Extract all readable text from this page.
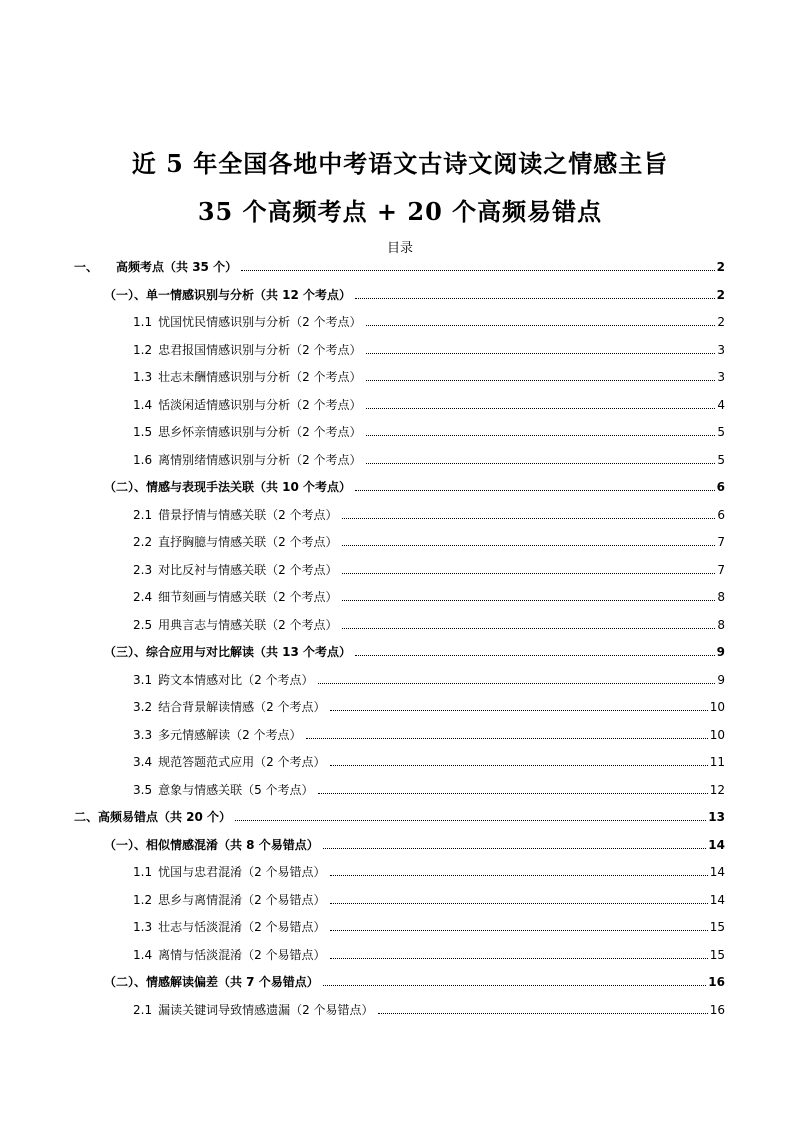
近 5 年全国各地中考语文古诗文阅读之情感主旨
35 个高频考点 + 20 个高频易错点
目录
一、 高频考点（共 35 个）	2
（一）、单一情感识别与分析（共 12 个考点）	2
1.1 忧国忧民情感识别与分析（2 个考点）	2
1.2 忠君报国情感识别与分析（2 个考点）	3
1.3 壮志未酬情感识别与分析（2 个考点）	3
1.4 恬淡闲适情感识别与分析（2 个考点）	4
1.5 思乡怀亲情感识别与分析（2 个考点）	5
1.6 离情别绪情感识别与分析（2 个考点）	5
（二）、情感与表现手法关联（共 10 个考点）	6
2.1 借景抒情与情感关联（2 个考点）	6
2.2 直抒胸臆与情感关联（2 个考点）	7
2.3 对比反衬与情感关联（2 个考点）	7
2.4 细节刻画与情感关联（2 个考点）	8
2.5 用典言志与情感关联（2 个考点）	8
（三）、综合应用与对比解读（共 13 个考点）	9
3.1 跨文本情感对比（2 个考点）	9
3.2 结合背景解读情感（2 个考点）	10
3.3 多元情感解读（2 个考点）	10
3.4 规范答题范式应用（2 个考点）	11
3.5 意象与情感关联（5 个考点）	12
二、高频易错点（共 20 个）	13
（一）、相似情感混淆（共 8 个易错点）	14
1.1 忧国与忠君混淆（2 个易错点）	14
1.2 思乡与离情混淆（2 个易错点）	14
1.3 壮志与恬淡混淆（2 个易错点）	15
1.4 离情与恬淡混淆（2 个易错点）	15
（二）、情感解读偏差（共 7 个易错点）	16
2.1 漏读关键词导致情感遗漏（2 个易错点）	16
